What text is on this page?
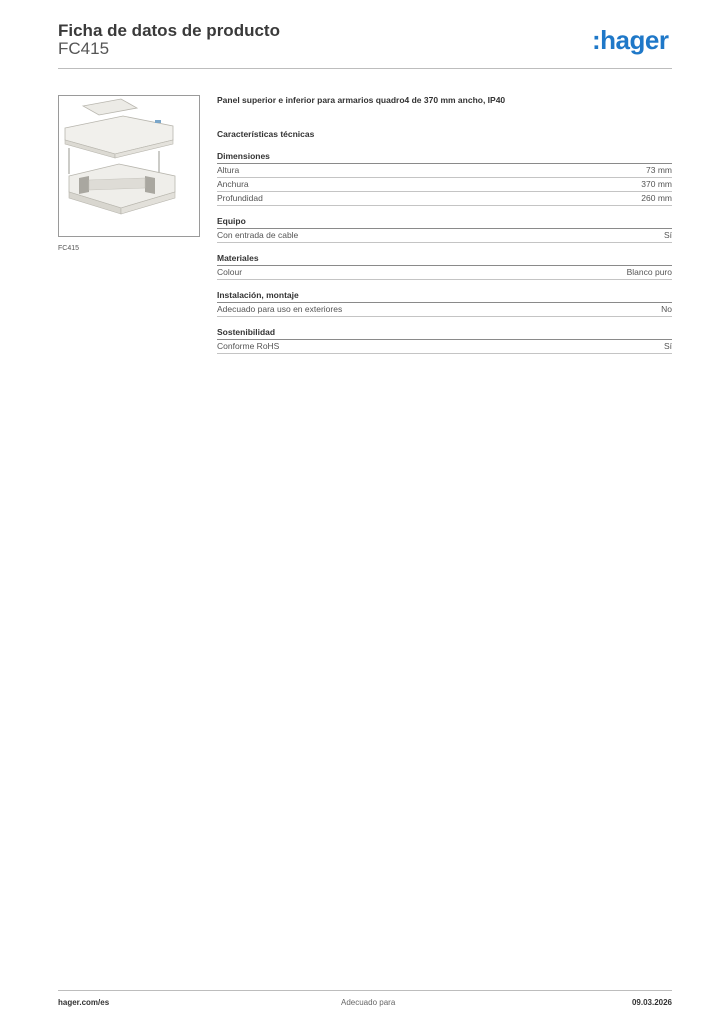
Ficha de datos de producto
FC415	:hager
FC415
Panel superior e inferior para armarios quadro4 de 370 mm ancho, IP40
Características técnicas
Dimensiones
Altura	73 mm
Anchura	370 mm
Profundidad	260 mm
Equipo
Con entrada de cable	Sí
Materiales
Colour	Blanco puro
Instalación, montaje
Adecuado para uso en exteriores	No
Sostenibilidad
Conforme RoHS	Sí
hager.com/es	Adecuado para	09.03.2026
